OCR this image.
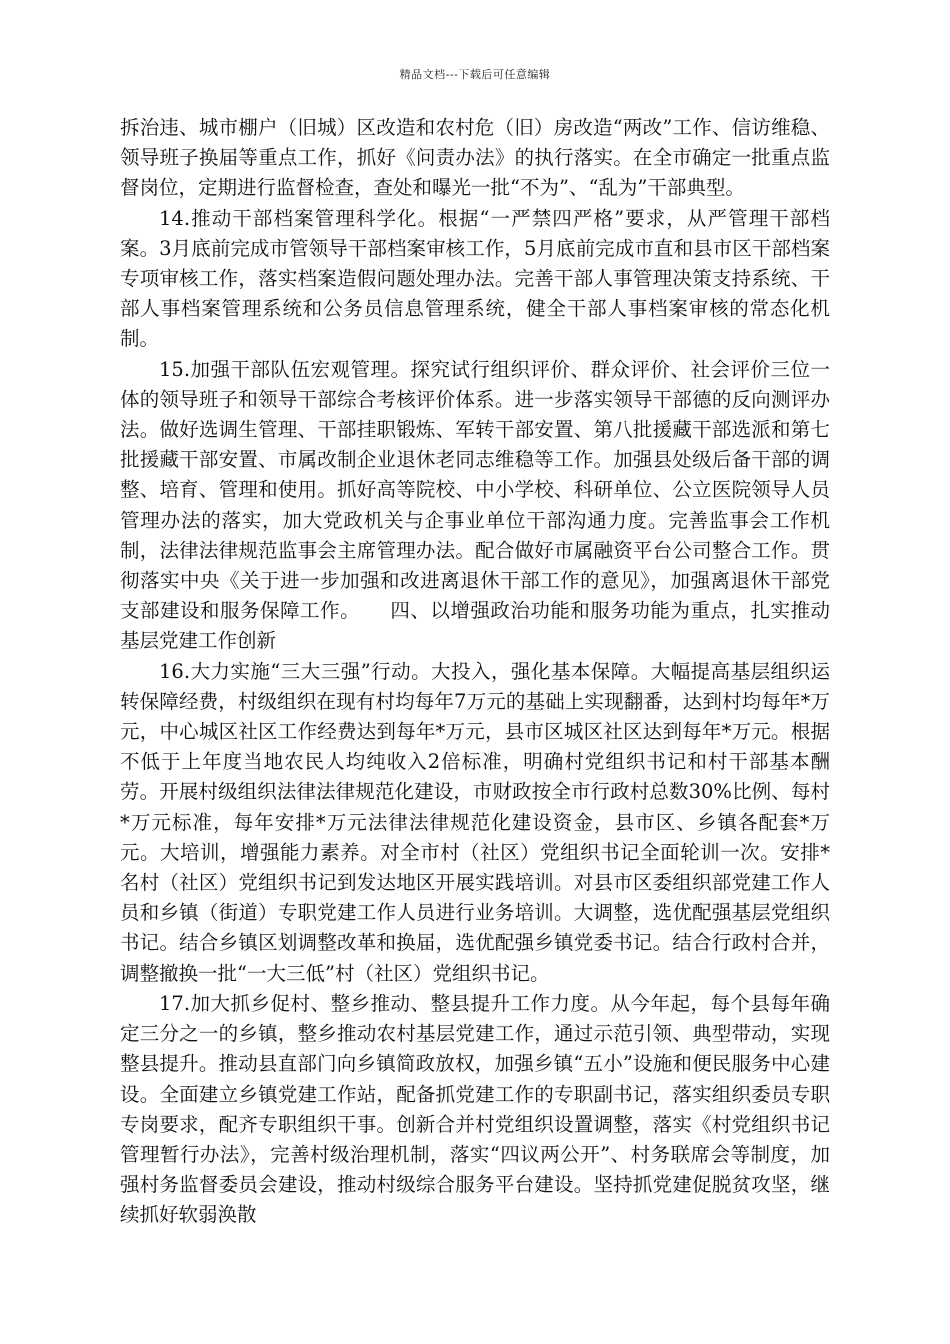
精品文档---下载后可任意编辑

拆治违、城市棚户（旧城）区改造和农村危（旧）房改造“两改”工作、信访维稳、领导班子换届等重点工作，抓好《问责办法》的执行落实。在全市确定一批重点监督岗位，定期进行监督检查，查处和曝光一批“不为”、“乱为”干部典型。

14.推动干部档案管理科学化。根据“一严禁四严格”要求，从严管理干部档案。3月底前完成市管领导干部档案审核工作，5月底前完成市直和县市区干部档案专项审核工作，落实档案造假问题处理办法。完善干部人事管理决策支持系统、干部人事档案管理系统和公务员信息管理系统，健全干部人事档案审核的常态化机制。

15.加强干部队伍宏观管理。探究试行组织评价、群众评价、社会评价三位一体的领导班子和领导干部综合考核评价体系。进一步落实领导干部德的反向测评办法。做好选调生管理、干部挂职锻炼、军转干部安置、第八批援藏干部选派和第七批援藏干部安置、市属改制企业退休老同志维稳等工作。加强县处级后备干部的调整、培育、管理和使用。抓好高等院校、中小学校、科研单位、公立医院领导人员管理办法的落实，加大党政机关与企事业单位干部沟通力度。完善监事会工作机制，法律法律规范监事会主席管理办法。配合做好市属融资平台公司整合工作。贯彻落实中央《关于进一步加强和改进离退休干部工作的意见》，加强离退休干部党支部建设和服务保障工作。　　四、以增强政治功能和服务功能为重点，扎实推动基层党建工作创新

16.大力实施“三大三强”行动。大投入，强化基本保障。大幅提高基层组织运转保障经费，村级组织在现有村均每年7万元的基础上实现翻番，达到村均每年*万元，中心城区社区工作经费达到每年*万元，县市区城区社区达到每年*万元。根据不低于上年度当地农民人均纯收入2倍标准，明确村党组织书记和村干部基本酬劳。开展村级组织法律法律规范化建设，市财政按全市行政村总数30%比例、每村*万元标准，每年安排*万元法律法律规范化建设资金，县市区、乡镇各配套*万元。大培训，增强能力素养。对全市村（社区）党组织书记全面轮训一次。安排*名村（社区）党组织书记到发达地区开展实践培训。对县市区委组织部党建工作人员和乡镇（街道）专职党建工作人员进行业务培训。大调整，选优配强基层党组织书记。结合乡镇区划调整改革和换届，选优配强乡镇党委书记。结合行政村合并，调整撤换一批“一大三低”村（社区）党组织书记。

17.加大抓乡促村、整乡推动、整县提升工作力度。从今年起，每个县每年确定三分之一的乡镇，整乡推动农村基层党建工作，通过示范引领、典型带动，实现整县提升。推动县直部门向乡镇简政放权，加强乡镇“五小”设施和便民服务中心建设。全面建立乡镇党建工作站，配备抓党建工作的专职副书记，落实组织委员专职专岗要求，配齐专职组织干事。创新合并村党组织设置调整，落实《村党组织书记管理暂行办法》，完善村级治理机制，落实“四议两公开”、村务联席会等制度，加强村务监督委员会建设，推动村级综合服务平台建设。坚持抓党建促脱贫攻坚，继续抓好软弱涣散
